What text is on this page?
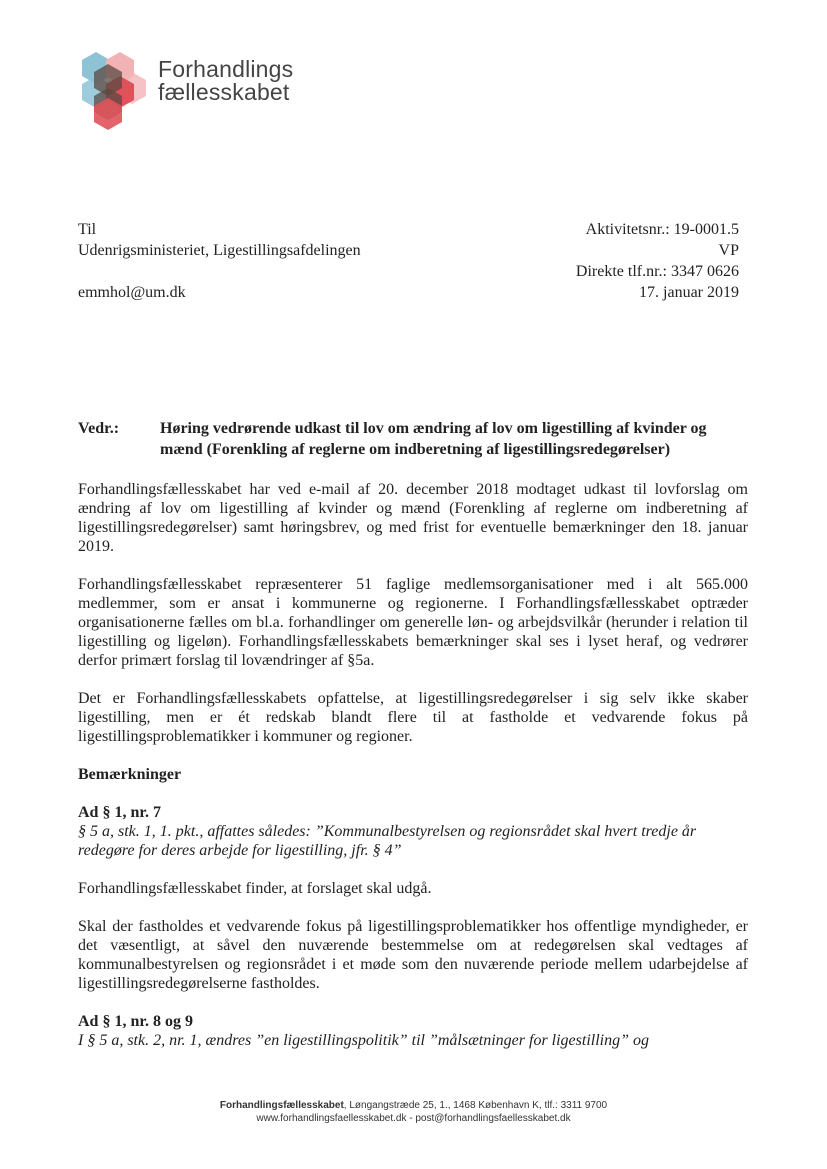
Forhandlings
fællesskabet
Til
Udenrigsministeriet, Ligestillingsafdelingen
emmhol@um.dk
Aktivitetsnr.: 19-0001.5
VP
Direkte tlf.nr.: 3347 0626
17. januar 2019
Vedr.:	Høring vedrørende udkast til lov om ændring af lov om ligestilling af kvinder og mænd (Forenkling af reglerne om indberetning af ligestillingsredegørelser)

Forhandlingsfællesskabet har ved e-mail af 20. december 2018 modtaget udkast til lovforslag om ændring af lov om ligestilling af kvinder og mænd (Forenkling af reglerne om indberetning af ligestillingsredegørelser) samt høringsbrev, og med frist for eventuelle bemærkninger den 18. januar 2019.

Forhandlingsfællesskabet repræsenterer 51 faglige medlemsorganisationer med i alt 565.000 medlemmer, som er ansat i kommunerne og regionerne. I Forhandlingsfællesskabet optræder organisationerne fælles om bl.a. forhandlinger om generelle løn- og arbejdsvilkår (herunder i relation til ligestilling og ligeløn). Forhandlingsfællesskabets bemærkninger skal ses i lyset heraf, og vedrører derfor primært forslag til lovændringer af §5a.

Det er Forhandlingsfællesskabets opfattelse, at ligestillingsredegørelser i sig selv ikke skaber ligestilling, men er ét redskab blandt flere til at fastholde et vedvarende fokus på ligestillingsproblematikker i kommuner og regioner.

Bemærkninger
Ad § 1, nr. 7
§ 5 a, stk. 1, 1. pkt., affattes således: ”Kommunalbestyrelsen og regionsrådet skal hvert tredje år redegøre for deres arbejde for ligestilling, jfr. § 4”

Forhandlingsfællesskabet finder, at forslaget skal udgå.

Skal der fastholdes et vedvarende fokus på ligestillingsproblematikker hos offentlige myndigheder, er det væsentligt, at såvel den nuværende bestemmelse om at redegørelsen skal vedtages af kommunalbestyrelsen og regionsrådet i et møde som den nuværende periode mellem udarbejdelse af ligestillingsredegørelserne fastholdes.

Ad § 1, nr. 8 og 9
I § 5 a, stk. 2, nr. 1, ændres ”en ligestillingspolitik” til ”målsætninger for ligestilling” og
Forhandlingsfællesskabet, Løngangstræde 25, 1., 1468 København K, tlf.: 3311 9700
www.forhandlingsfaellesskabet.dk - post@forhandlingsfaellesskabet.dk
